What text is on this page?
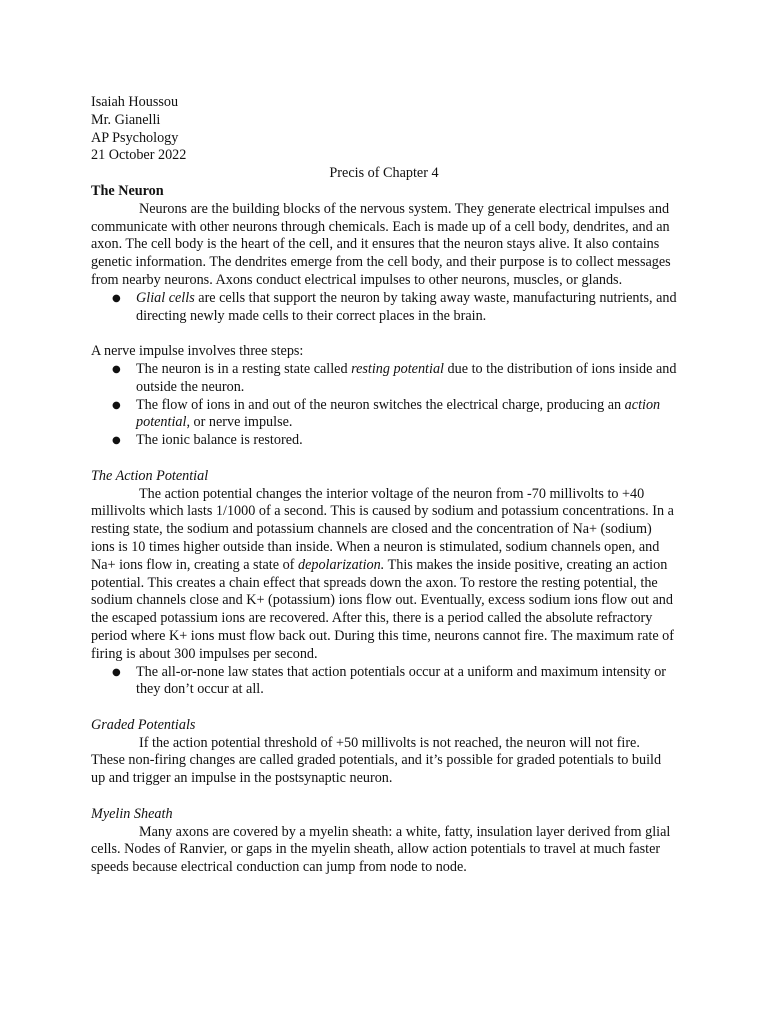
Isaiah Houssou

Mr. Gianelli

AP Psychology

21 October 2022

Precis of Chapter 4

The Neuron

Neurons are the building blocks of the nervous system. They generate electrical impulses and communicate with other neurons through chemicals. Each is made up of a cell body, dendrites, and an axon. The cell body is the heart of the cell, and it ensures that the neuron stays alive. It also contains genetic information. The dendrites emerge from the cell body, and their purpose is to collect messages from nearby neurons. Axons conduct electrical impulses to other neurons, muscles, or glands.

● Glial cells are cells that support the neuron by taking away waste, manufacturing nutrients, and directing newly made cells to their correct places in the brain.

A nerve impulse involves three steps:

● The neuron is in a resting state called resting potential due to the distribution of ions inside and outside the neuron.
● The flow of ions in and out of the neuron switches the electrical charge, producing an action potential, or nerve impulse.
● The ionic balance is restored.

The Action Potential

The action potential changes the interior voltage of the neuron from -70 millivolts to +40 millivolts which lasts 1/1000 of a second. This is caused by sodium and potassium concentrations. In a resting state, the sodium and potassium channels are closed and the concentration of Na+ (sodium) ions is 10 times higher outside than inside. When a neuron is stimulated, sodium channels open, and Na+ ions flow in, creating a state of depolarization. This makes the inside positive, creating an action potential. This creates a chain effect that spreads down the axon. To restore the resting potential, the sodium channels close and K+ (potassium) ions flow out. Eventually, excess sodium ions flow out and the escaped potassium ions are recovered. After this, there is a period called the absolute refractory period where K+ ions must flow back out. During this time, neurons cannot fire. The maximum rate of firing is about 300 impulses per second.

● The all-or-none law states that action potentials occur at a uniform and maximum intensity or they don’t occur at all.

Graded Potentials

If the action potential threshold of +50 millivolts is not reached, the neuron will not fire. These non-firing changes are called graded potentials, and it’s possible for graded potentials to build up and trigger an impulse in the postsynaptic neuron.

Myelin Sheath

Many axons are covered by a myelin sheath: a white, fatty, insulation layer derived from glial cells. Nodes of Ranvier, or gaps in the myelin sheath, allow action potentials to travel at much faster speeds because electrical conduction can jump from node to node.
